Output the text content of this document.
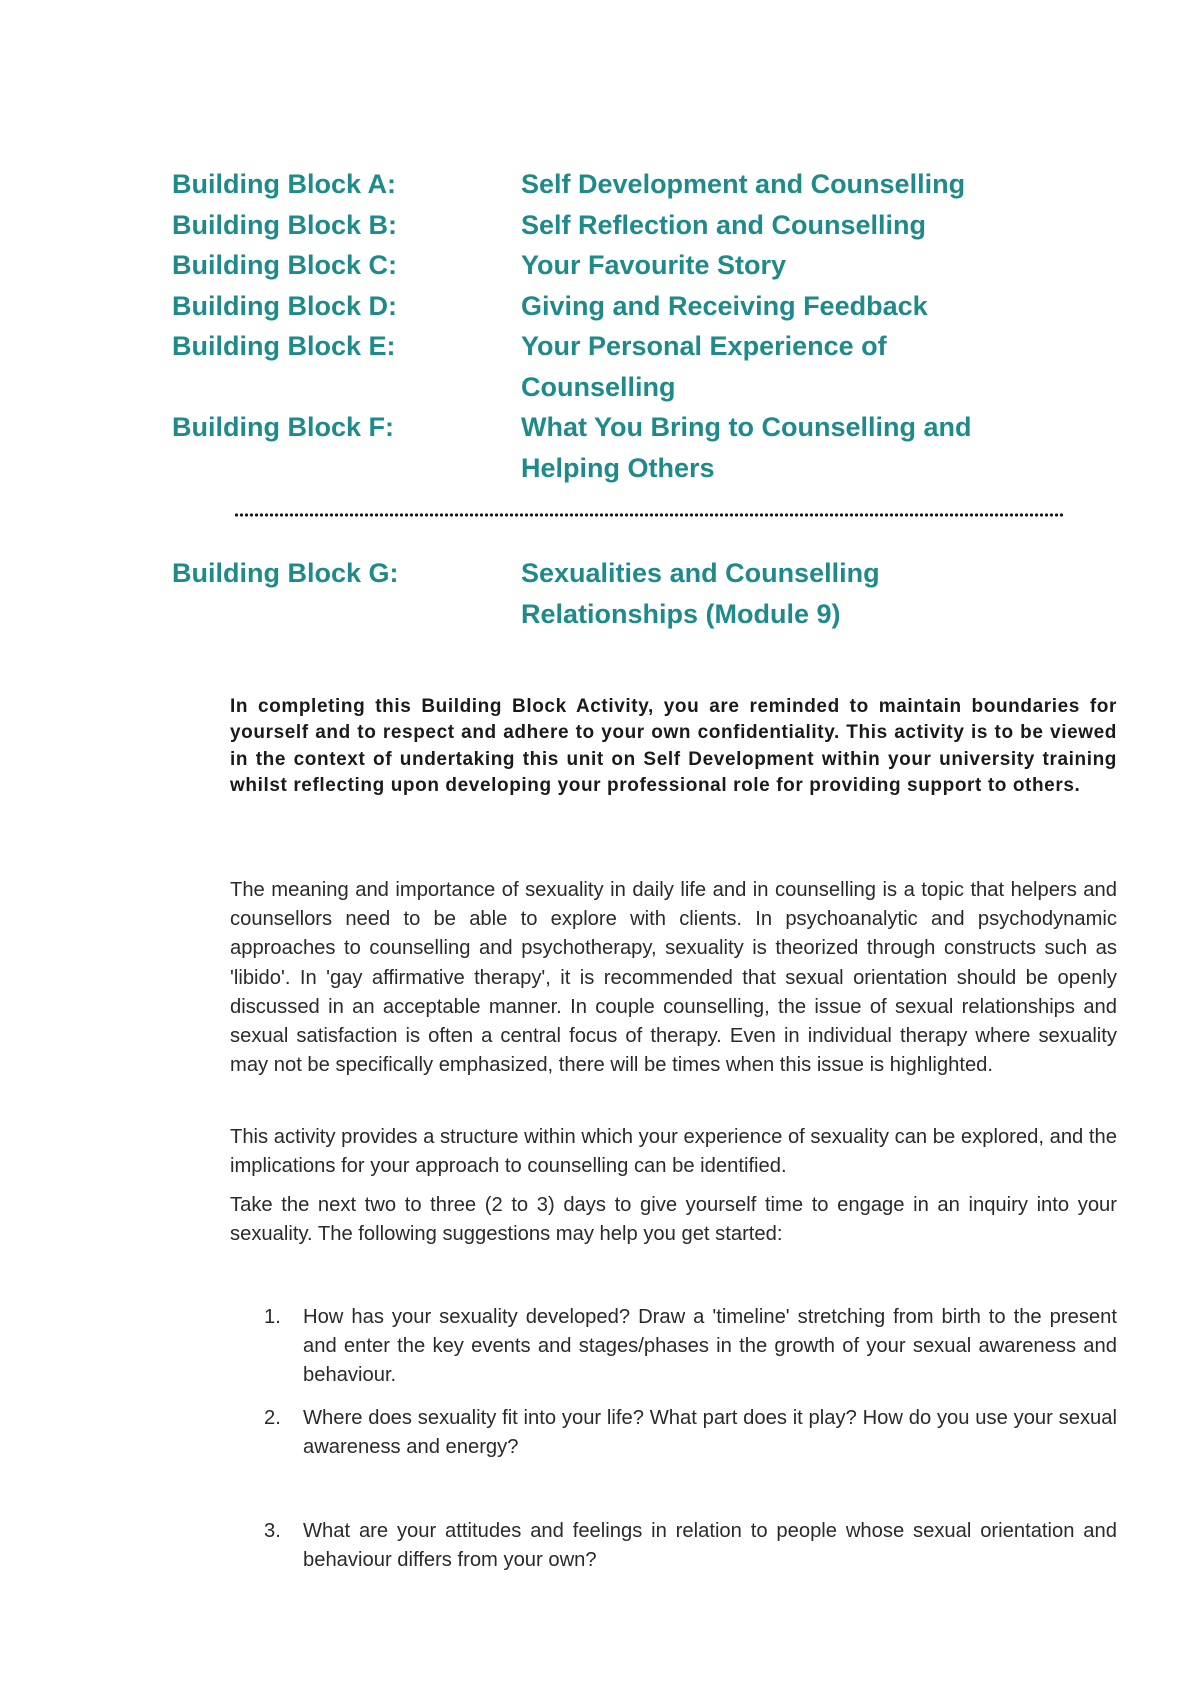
Building Block A:	Self Development and Counselling
Building Block B:	Self Reflection and Counselling
Building Block C:	Your Favourite Story
Building Block D:	Giving and Receiving Feedback
Building Block E:	Your Personal Experience of Counselling
Building Block F:	What You Bring to Counselling and Helping Others
Building Block G:	Sexualities and Counselling Relationships (Module 9)

In completing this Building Block Activity, you are reminded to maintain boundaries for yourself and to respect and adhere to your own confidentiality. This activity is to be viewed in the context of undertaking this unit on Self Development within your university training whilst reflecting upon developing your professional role for providing support to others.

The meaning and importance of sexuality in daily life and in counselling is a topic that helpers and counsellors need to be able to explore with clients. In psychoanalytic and psychodynamic approaches to counselling and psychotherapy, sexuality is theorized through constructs such as 'libido'. In 'gay affirmative therapy', it is recommended that sexual orientation should be openly discussed in an acceptable manner. In couple counselling, the issue of sexual relationships and sexual satisfaction is often a central focus of therapy. Even in individual therapy where sexuality may not be specifically emphasized, there will be times when this issue is highlighted.

This activity provides a structure within which your experience of sexuality can be explored, and the implications for your approach to counselling can be identified.

Take the next two to three (2 to 3) days to give yourself time to engage in an inquiry into your sexuality. The following suggestions may help you get started:

1.	How has your sexuality developed? Draw a 'timeline' stretching from birth to the present and enter the key events and stages/phases in the growth of your sexual awareness and behaviour.
2.	Where does sexuality fit into your life? What part does it play? How do you use your sexual awareness and energy?
3.	What are your attitudes and feelings in relation to people whose sexual orientation and behaviour differs from your own?
